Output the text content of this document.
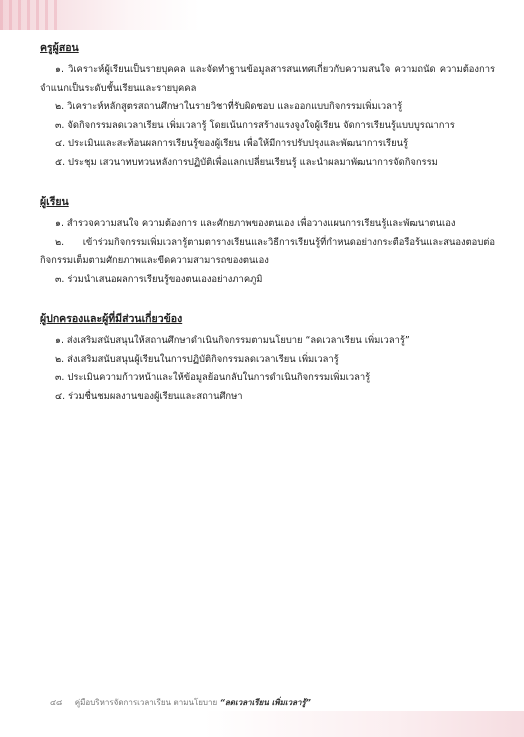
ครูผู้สอน

๑. วิเคราะห์ผู้เรียนเป็นรายบุคคล และจัดทำฐานข้อมูลสารสนเทศเกี่ยวกับความสนใจ ความถนัด ความต้องการ จำแนกเป็นระดับชั้นเรียนและรายบุคคล

๒. วิเคราะห์หลักสูตรสถานศึกษาในรายวิชาที่รับผิดชอบ และออกแบบกิจกรรมเพิ่มเวลารู้

๓. จัดกิจกรรมลดเวลาเรียน เพิ่มเวลารู้ โดยเน้นการสร้างแรงจูงใจผู้เรียน จัดการเรียนรู้แบบบูรณาการ

๔. ประเมินและสะท้อนผลการเรียนรู้ของผู้เรียน เพื่อให้มีการปรับปรุงและพัฒนาการเรียนรู้

๕. ประชุม เสวนาทบทวนหลังการปฏิบัติเพื่อแลกเปลี่ยนเรียนรู้ และนำผลมาพัฒนาการจัดกิจกรรม

ผู้เรียน

๑. สำรวจความสนใจ ความต้องการ และศักยภาพของตนเอง เพื่อวางแผนการเรียนรู้และพัฒนาตนเอง

๒. เข้าร่วมกิจกรรมเพิ่มเวลารู้ตามตารางเรียนและวิธีการเรียนรู้ที่กำหนดอย่างกระตือรือร้นและสนองตอบต่อกิจกรรมเต็มตามศักยภาพและขีดความสามารถของตนเอง

๓. ร่วมนำเสนอผลการเรียนรู้ของตนเองอย่างภาคภูมิ

ผู้ปกครองและผู้ที่มีส่วนเกี่ยวข้อง

๑. ส่งเสริมสนับสนุนให้สถานศึกษาดำเนินกิจกรรมตามนโยบาย “ลดเวลาเรียน เพิ่มเวลารู้”

๒. ส่งเสริมสนับสนุนผู้เรียนในการปฏิบัติกิจกรรมลดเวลาเรียน เพิ่มเวลารู้

๓. ประเมินความก้าวหน้าและให้ข้อมูลย้อนกลับในการดำเนินกิจกรรมเพิ่มเวลารู้

๔. ร่วมชื่นชมผลงานของผู้เรียนและสถานศึกษา

๔๘ คู่มือบริหารจัดการเวลาเรียน ตามนโยบาย “ลดเวลาเรียน เพิ่มเวลารู้”
